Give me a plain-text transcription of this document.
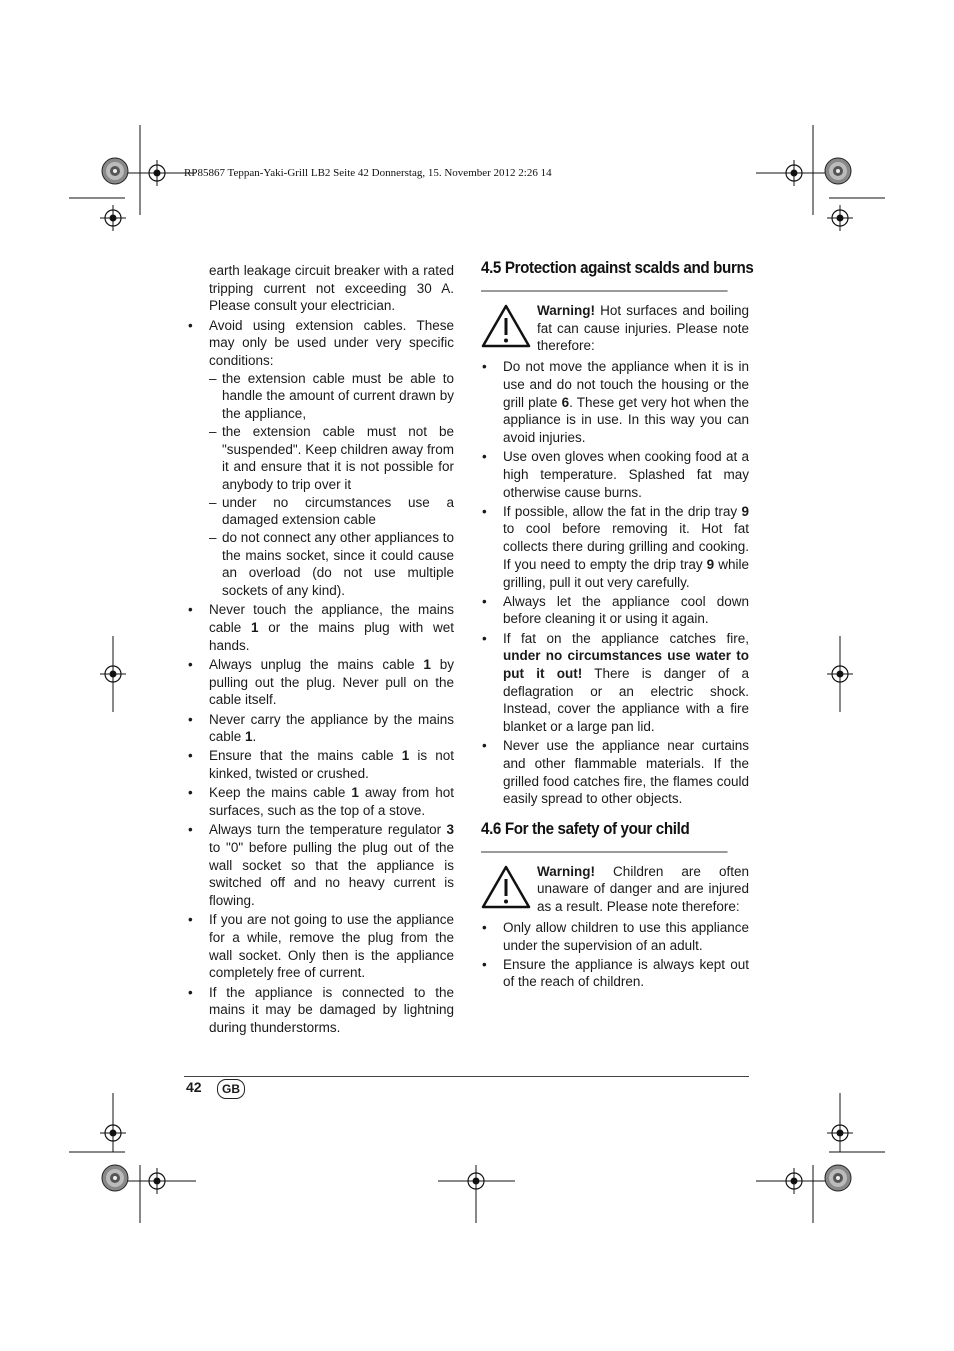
RP85867 Teppan-Yaki-Grill LB2 Seite 42 Donnerstag, 15. November 2012 2:26 14
earth leakage circuit breaker with a rated tripping current not exceeding 30 A. Please consult your electrician.
• Avoid using extension cables. These may only be used under very specific conditions:
– the extension cable must be able to handle the amount of current drawn by the appliance,
– the extension cable must not be "suspended". Keep children away from it and ensure that it is not possible for anybody to trip over it
– under no circumstances use a damaged extension cable
– do not connect any other appliances to the mains socket, since it could cause an overload (do not use multiple sockets of any kind).
• Never touch the appliance, the mains cable 1 or the mains plug with wet hands.
• Always unplug the mains cable 1 by pulling out the plug. Never pull on the cable itself.
• Never carry the appliance by the mains cable 1.
• Ensure that the mains cable 1 is not kinked, twisted or crushed.
• Keep the mains cable 1 away from hot surfaces, such as the top of a stove.
• Always turn the temperature regulator 3 to "0" before pulling the plug out of the wall socket so that the appliance is switched off and no heavy current is flowing.
• If you are not going to use the appliance for a while, remove the plug from the wall socket. Only then is the appliance completely free of current.
• If the appliance is connected to the mains it may be damaged by lightning during thunderstorms.
4.5 Protection against scalds and burns
Warning! Hot surfaces and boiling fat can cause injuries. Please note therefore:
• Do not move the appliance when it is in use and do not touch the housing or the grill plate 6. These get very hot when the appliance is in use. In this way you can avoid injuries.
• Use oven gloves when cooking food at a high temperature. Splashed fat may otherwise cause burns.
• If possible, allow the fat in the drip tray 9 to cool before removing it. Hot fat collects there during grilling and cooking. If you need to empty the drip tray 9 while grilling, pull it out very carefully.
• Always let the appliance cool down before cleaning it or using it again.
• If fat on the appliance catches fire, under no circumstances use water to put it out! There is danger of a deflagration or an electric shock. Instead, cover the appliance with a fire blanket or a large pan lid.
• Never use the appliance near curtains and other flammable materials. If the grilled food catches fire, the flames could easily spread to other objects.
4.6 For the safety of your child
Warning! Children are often unaware of danger and are injured as a result. Please note therefore:
• Only allow children to use this appliance under the supervision of an adult.
• Ensure the appliance is always kept out of the reach of children.
42	GB
